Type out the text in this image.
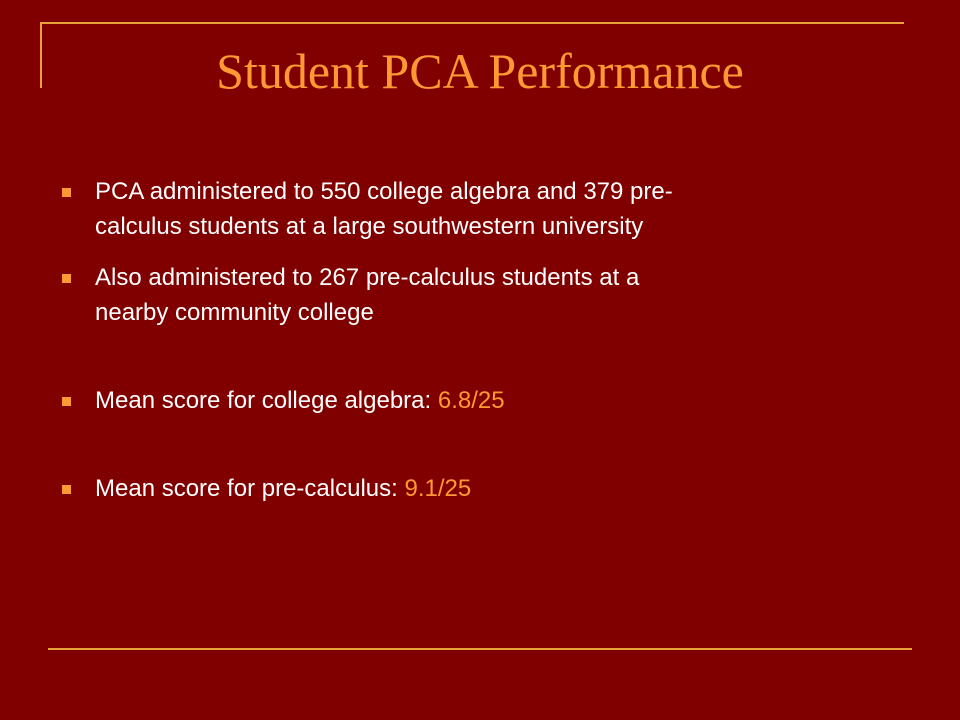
Student PCA Performance
PCA administered to 550 college algebra and 379 pre-
calculus students at a large southwestern university
Also administered to 267 pre-calculus students at a
nearby community college
Mean score for college algebra: 6.8/25
Mean score for pre-calculus: 9.1/25
